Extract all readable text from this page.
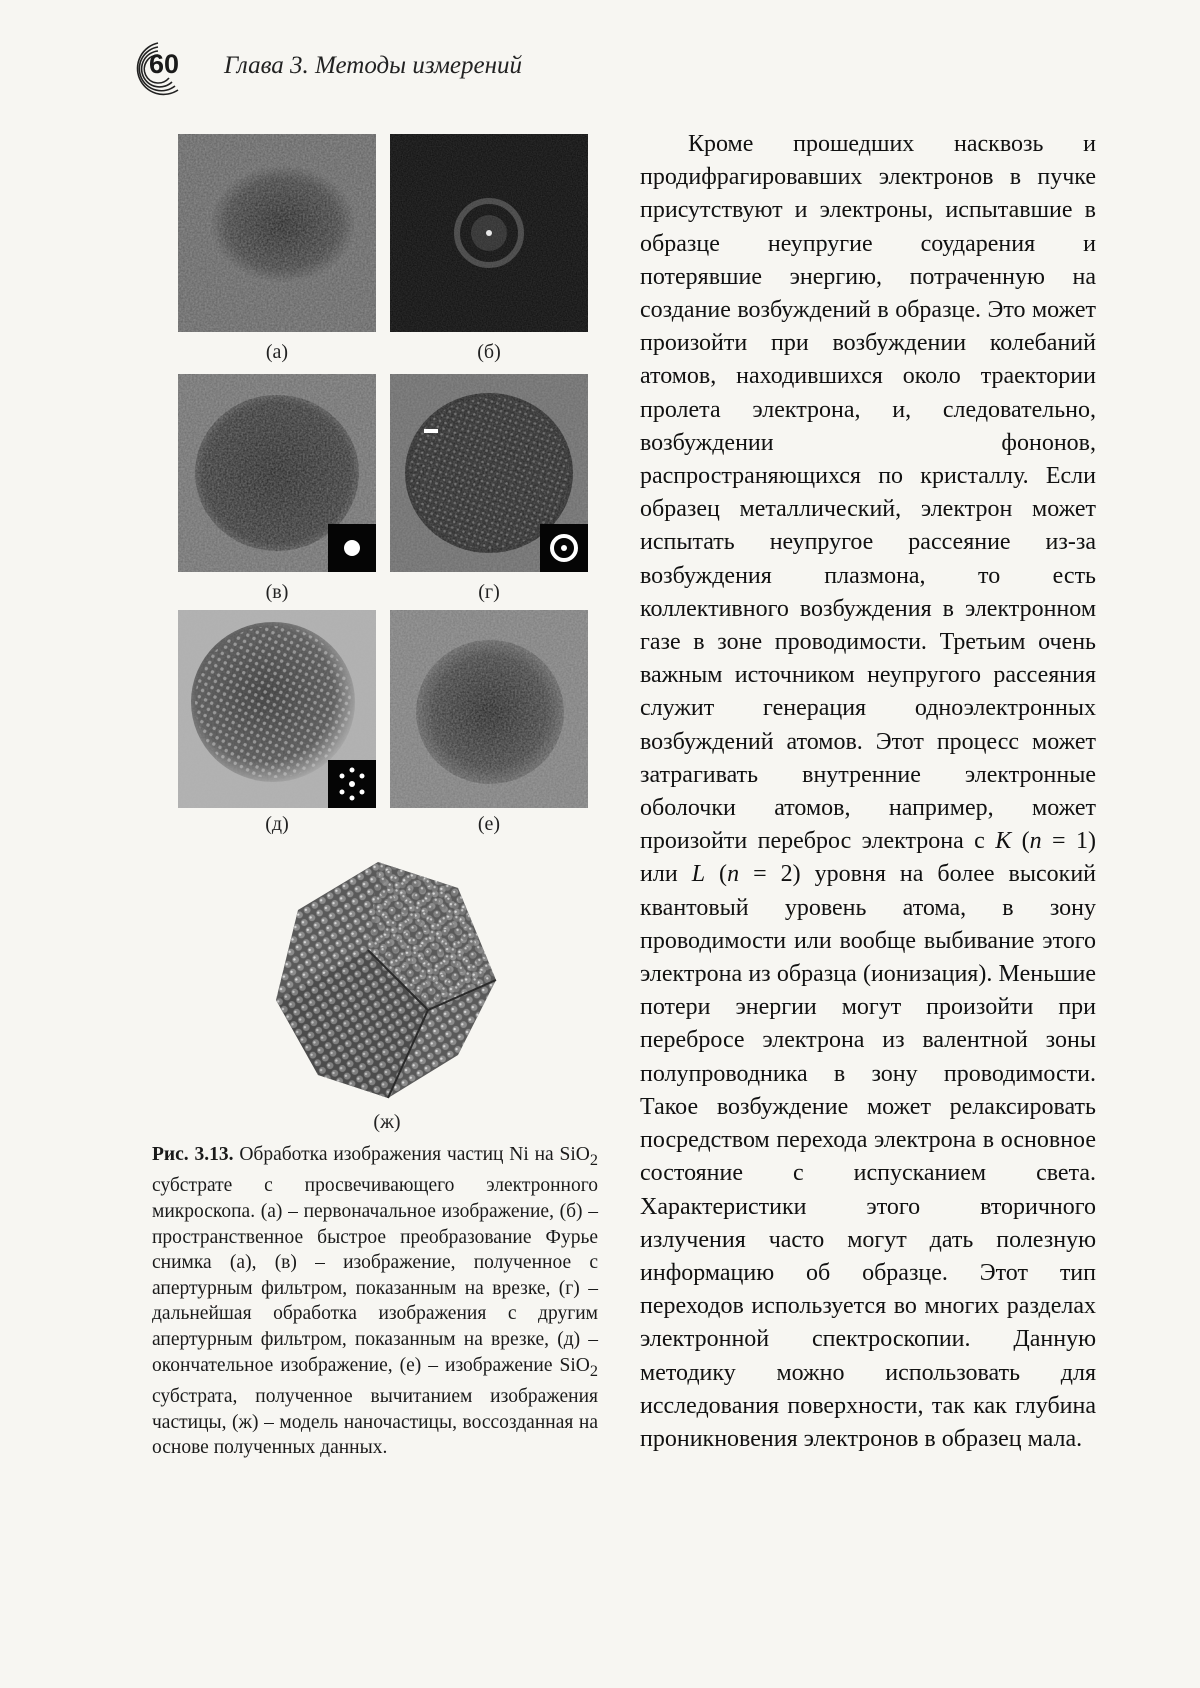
60 Глава 3. Методы измерений
(а)	(б)
(в)	(г)
(д)	(е)
(ж)
Рис. 3.13. Обработка изображения частиц Ni на SiO$_2$ субстрате с просвечивающего электронного микроскопа. (а) – первоначальное изображение, (б) – пространственное быстрое преобразование Фурье снимка (а), (в) – изображение, полученное с апертурным фильтром, показанным на врезке, (г) – дальнейшая обработка изображения с другим апертурным фильтром, показанным на врезке, (д) – окончательное изображение, (е) – изображение SiO$_2$ субстрата, полученное вычитанием изображения частицы, (ж) – модель наночастицы, воссозданная на основе полученных данных.

Кроме прошедших насквозь и продифрагировавших электронов в пучке присутствуют и электроны, испытавшие в образце неупругие соударения и потерявшие энергию, потраченную на создание возбуждений в образце. Это может произойти при возбуждении колебаний атомов, находившихся около траектории пролета электрона, и, следовательно, возбуждении фононов, распространяющихся по кристаллу. Если образец металлический, электрон может испытать неупругое рассеяние из-за возбуждения плазмона, то есть коллективного возбуждения в электронном газе в зоне проводимости. Третьим очень важным источником неупругого рассеяния служит генерация одноэлектронных возбуждений атомов. Этот процесс может затрагивать внутренние электронные оболочки атомов, например, может произойти переброс электрона с K (n = 1) или L (n = 2) уровня на более высокий квантовый уровень атома, в зону проводимости или вообще выбивание этого электрона из образца (ионизация). Меньшие потери энергии могут произойти при перебросе электрона из валентной зоны полупроводника в зону проводимости. Такое возбуждение может релаксировать посредством перехода электрона в основное состояние с испусканием света. Характеристики этого вторичного излучения часто могут дать полезную информацию об образце. Этот тип переходов используется во многих разделах электронной спектроскопии. Данную методику можно использовать для исследования поверхности, так как глубина проникновения электронов в образец мала.
